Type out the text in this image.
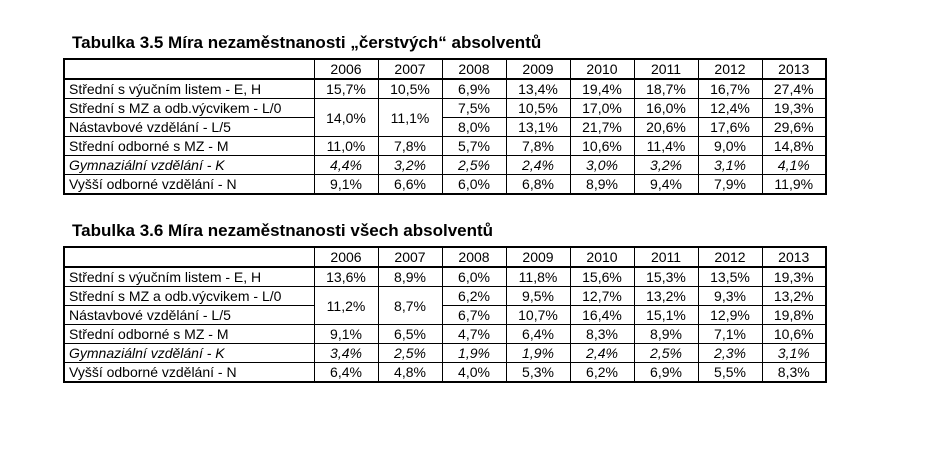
Tabulka 3.5 Míra nezaměstnanosti „čerstvých“ absolventů
	2006	2007	2008	2009	2010	2011	2012	2013
Střední s výučním listem - E, H	15,7%	10,5%	6,9%	13,4%	19,4%	18,7%	16,7%	27,4%
Střední s MZ a odb.výcvikem - L/0	14,0%	11,1%	7,5%	10,5%	17,0%	16,0%	12,4%	19,3%
Nástavbové vzdělání - L/5			8,0%	13,1%	21,7%	20,6%	17,6%	29,6%
Střední odborné s MZ - M	11,0%	7,8%	5,7%	7,8%	10,6%	11,4%	9,0%	14,8%
Gymnaziální vzdělání - K	4,4%	3,2%	2,5%	2,4%	3,0%	3,2%	3,1%	4,1%
Vyšší odborné vzdělání - N	9,1%	6,6%	6,0%	6,8%	8,9%	9,4%	7,9%	11,9%
Tabulka 3.6 Míra nezaměstnanosti všech absolventů
	2006	2007	2008	2009	2010	2011	2012	2013
Střední s výučním listem - E, H	13,6%	8,9%	6,0%	11,8%	15,6%	15,3%	13,5%	19,3%
Střední s MZ a odb.výcvikem - L/0	11,2%	8,7%	6,2%	9,5%	12,7%	13,2%	9,3%	13,2%
Nástavbové vzdělání - L/5			6,7%	10,7%	16,4%	15,1%	12,9%	19,8%
Střední odborné s MZ - M	9,1%	6,5%	4,7%	6,4%	8,3%	8,9%	7,1%	10,6%
Gymnaziální vzdělání - K	3,4%	2,5%	1,9%	1,9%	2,4%	2,5%	2,3%	3,1%
Vyšší odborné vzdělání - N	6,4%	4,8%	4,0%	5,3%	6,2%	6,9%	5,5%	8,3%
